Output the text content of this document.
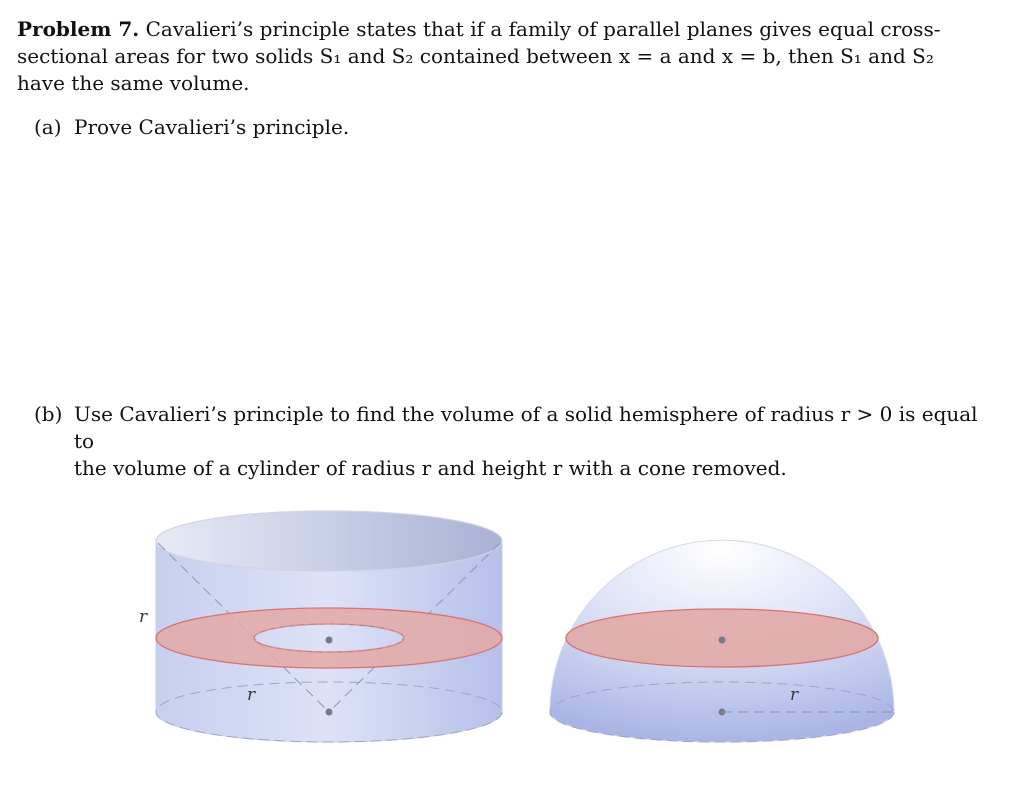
Problem 7. Cavalieri’s principle states that if a family of parallel planes gives equal cross-sectional areas for two solids S₁ and S₂ contained between x = a and x = b, then S₁ and S₂ have the same volume.
(a) Prove Cavalieri’s principle.
(b) Use Cavalieri’s principle to find the volume of a solid hemisphere of radius r > 0 is equal to
the volume of a cylinder of radius r and height r with a cone removed.
r
r	r
